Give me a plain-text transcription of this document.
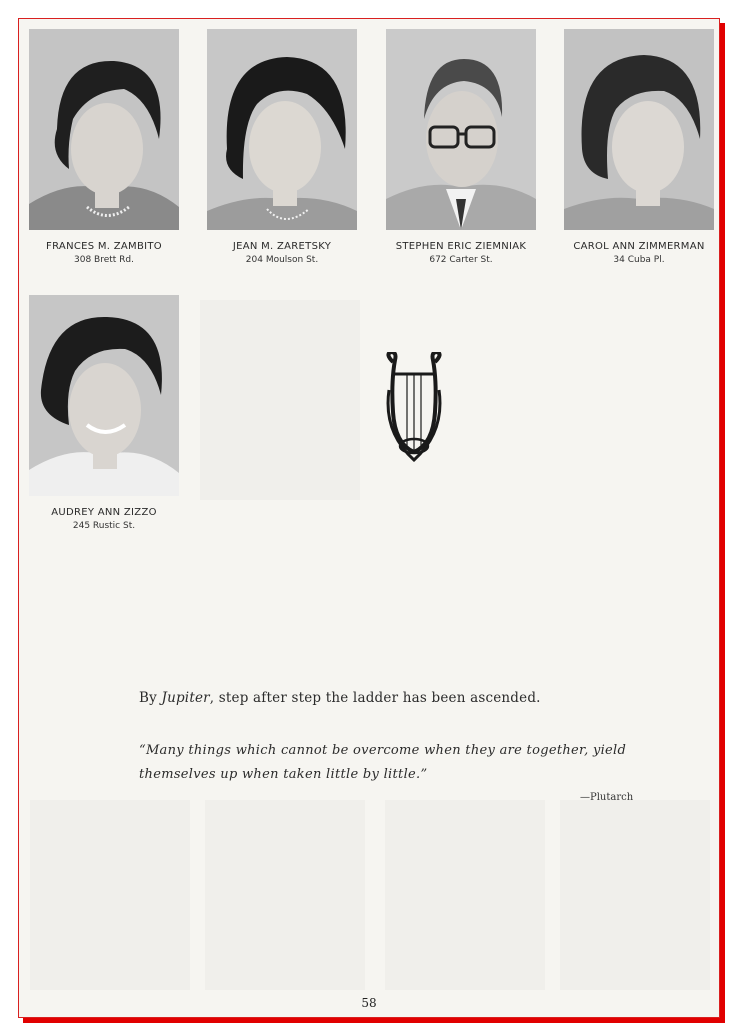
FRANCES M. ZAMBITO
308 Brett Rd.
JEAN M. ZARETSKY
204 Moulson St.
STEPHEN ERIC ZIEMNIAK
672 Carter St.
CAROL ANN ZIMMERMAN
34 Cuba Pl.
AUDREY ANN ZIZZO
245 Rustic St.
By Jupiter, step after step the ladder has been ascended.
“Many things which cannot be overcome when they are together, yield themselves up when taken little by little.”
—Plutarch
58
